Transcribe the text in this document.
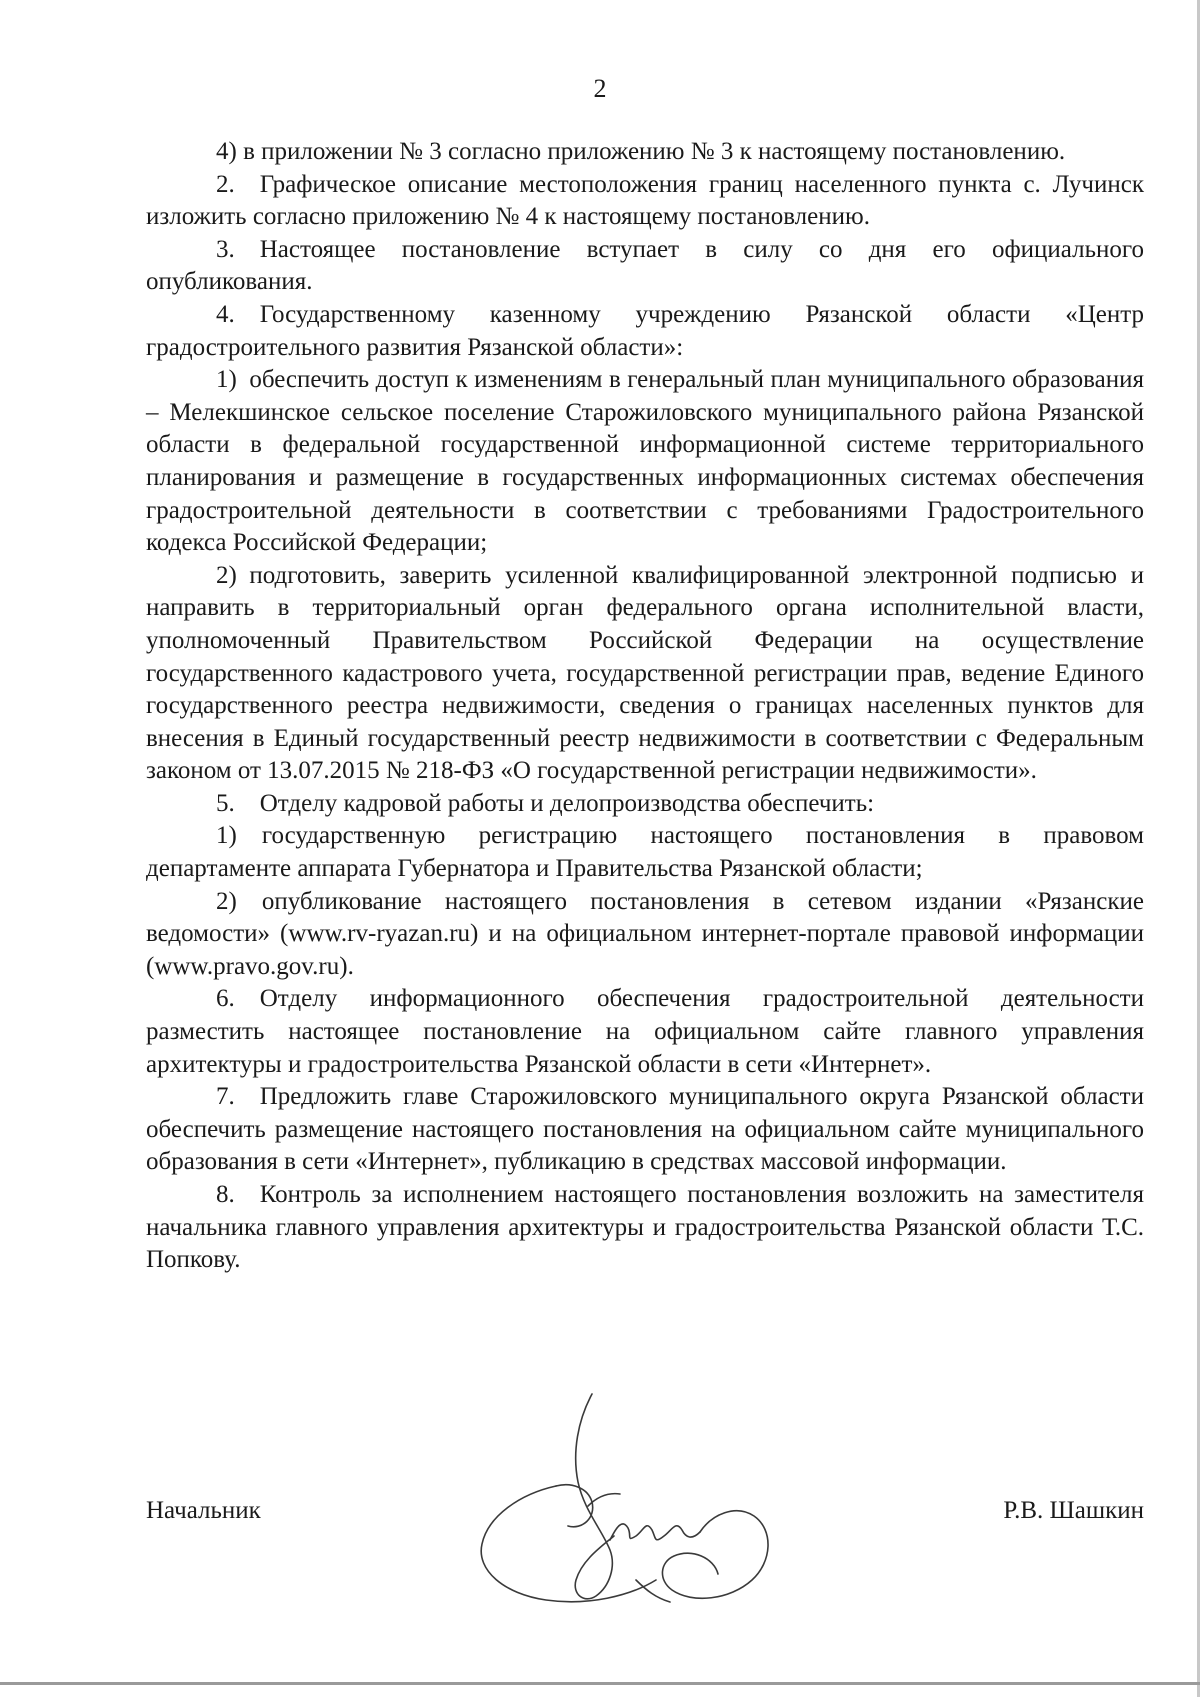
2

4) в приложении № 3 согласно приложению № 3 к настоящему постановлению.

2. Графическое описание местоположения границ населенного пункта с. Лучинск изложить согласно приложению № 4 к настоящему постановлению.

3. Настоящее постановление вступает в силу со дня его официального опубликования.

4. Государственному казенному учреждению Рязанской области «Центр градостроительного развития Рязанской области»:

1) обеспечить доступ к изменениям в генеральный план муниципального образования – Мелекшинское сельское поселение Старожиловского муниципального района Рязанской области в федеральной государственной информационной системе территориального планирования и размещение в государственных информационных системах обеспечения градостроительной деятельности в соответствии с требованиями Градостроительного кодекса Российской Федерации;

2) подготовить, заверить усиленной квалифицированной электронной подписью и направить в территориальный орган федерального органа исполнительной власти, уполномоченный Правительством Российской Федерации на осуществление государственного кадастрового учета, государственной регистрации прав, ведение Единого государственного реестра недвижимости, сведения о границах населенных пунктов для внесения в Единый государственный реестр недвижимости в соответствии с Федеральным законом от 13.07.2015 № 218-ФЗ «О государственной регистрации недвижимости».

5. Отделу кадровой работы и делопроизводства обеспечить:

1) государственную регистрацию настоящего постановления в правовом департаменте аппарата Губернатора и Правительства Рязанской области;

2) опубликование настоящего постановления в сетевом издании «Рязанские ведомости» (www.rv-ryazan.ru) и на официальном интернет-портале правовой информации (www.pravo.gov.ru).

6. Отделу информационного обеспечения градостроительной деятельности разместить настоящее постановление на официальном сайте главного управления архитектуры и градостроительства Рязанской области в сети «Интернет».

7. Предложить главе Старожиловского муниципального округа Рязанской области обеспечить размещение настоящего постановления на официальном сайте муниципального образования в сети «Интернет», публикацию в средствах массовой информации.

8. Контроль за исполнением настоящего постановления возложить на заместителя начальника главного управления архитектуры и градостроительства Рязанской области Т.С. Попкову.

Начальник	Р.В. Шашкин
